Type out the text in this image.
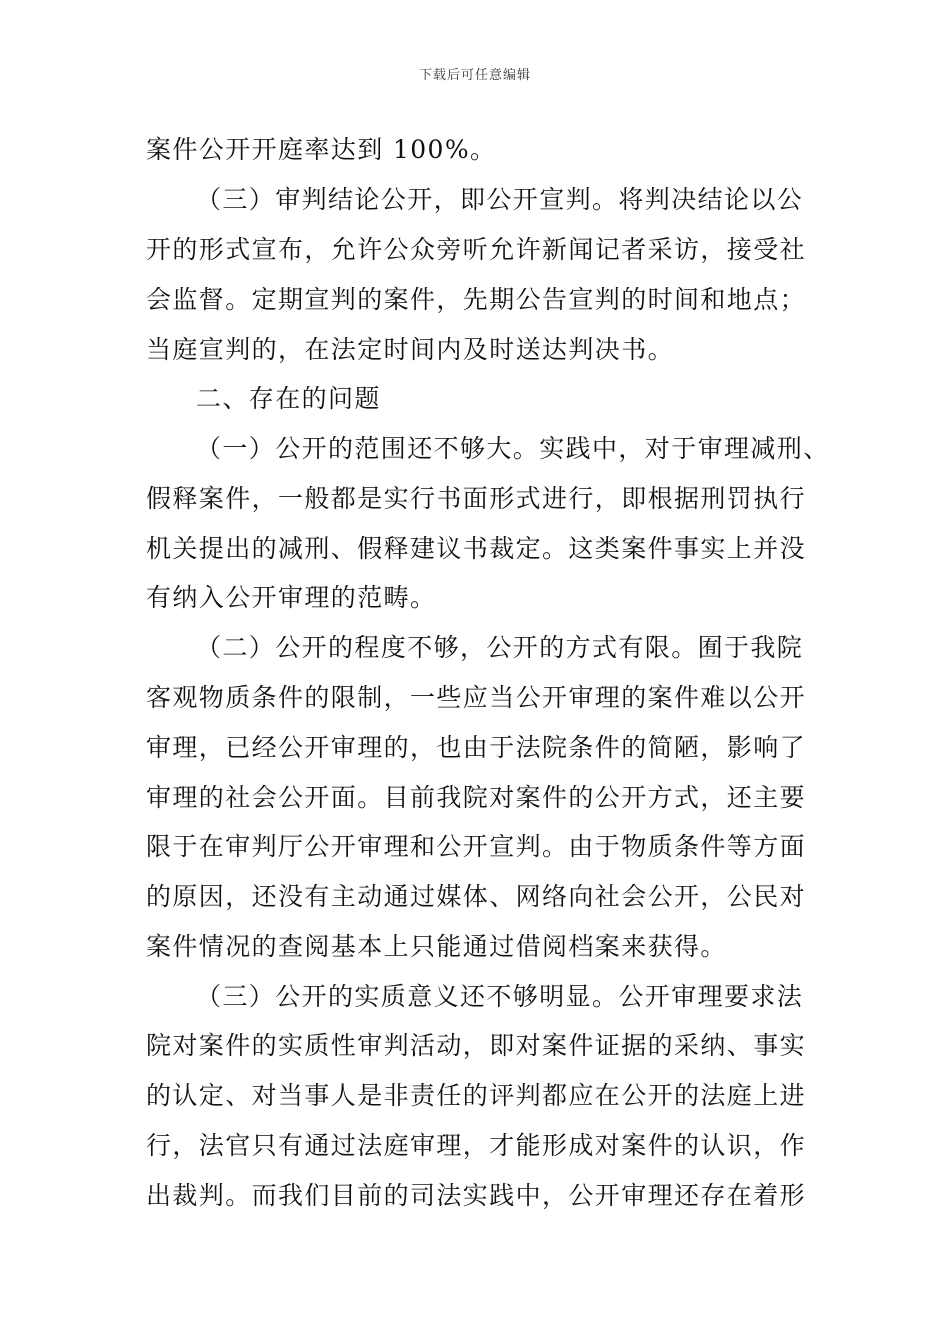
下载后可任意编辑
案件公开开庭率达到 100%。
（三）审判结论公开，即公开宣判。将判决结论以公
开的形式宣布，允许公众旁听允许新闻记者采访，接受社
会监督。定期宣判的案件，先期公告宣判的时间和地点；
当庭宣判的，在法定时间内及时送达判决书。
二、存在的问题
（一）公开的范围还不够大。实践中，对于审理减刑、
假释案件，一般都是实行书面形式进行，即根据刑罚执行
机关提出的减刑、假释建议书裁定。这类案件事实上并没
有纳入公开审理的范畴。
（二）公开的程度不够，公开的方式有限。囿于我院
客观物质条件的限制，一些应当公开审理的案件难以公开
审理，已经公开审理的，也由于法院条件的简陋，影响了
审理的社会公开面。目前我院对案件的公开方式，还主要
限于在审判厅公开审理和公开宣判。由于物质条件等方面
的原因，还没有主动通过媒体、网络向社会公开，公民对
案件情况的查阅基本上只能通过借阅档案来获得。
（三）公开的实质意义还不够明显。公开审理要求法
院对案件的实质性审判活动，即对案件证据的采纳、事实
的认定、对当事人是非责任的评判都应在公开的法庭上进
行，法官只有通过法庭审理，才能形成对案件的认识，作
出裁判。而我们目前的司法实践中，公开审理还存在着形
